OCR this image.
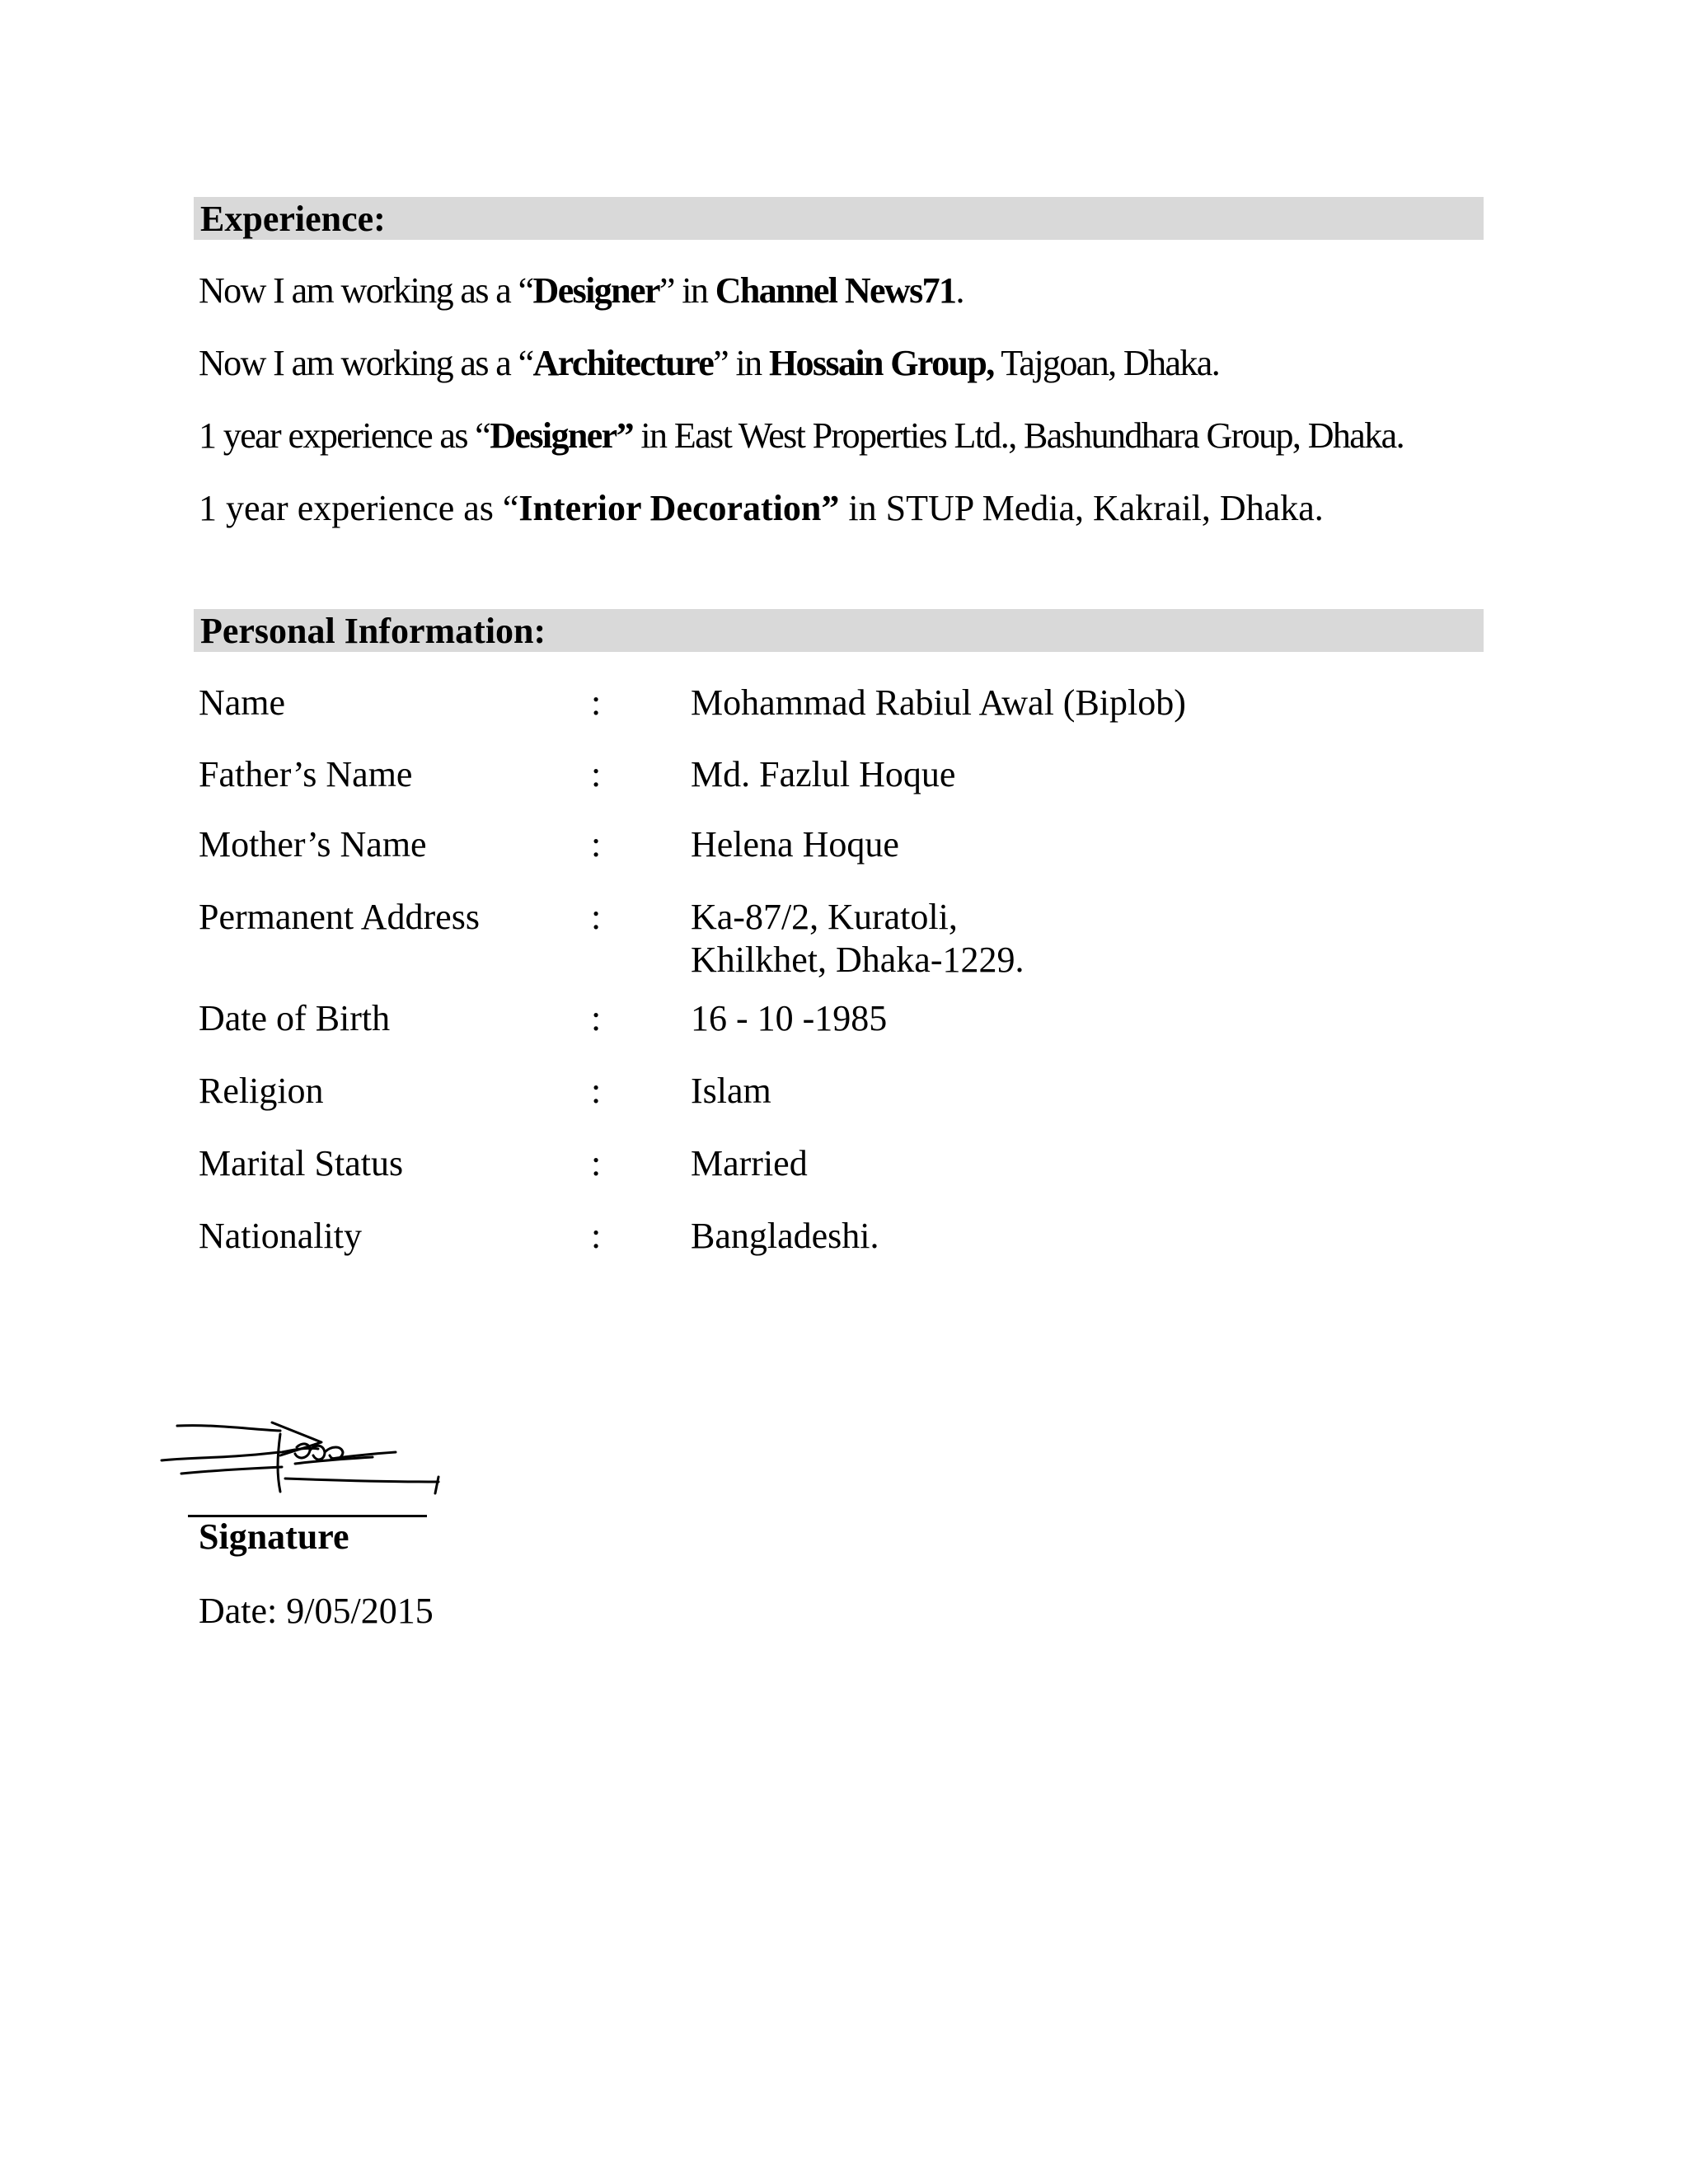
Experience:
Now I am working as a “Designer” in Channel News71.
Now I am working as a “Architecture” in Hossain Group, Tajgoan, Dhaka.
1 year experience as “Designer” in East West Properties Ltd., Bashundhara Group, Dhaka.
1 year experience as “Interior Decoration” in STUP Media, Kakrail, Dhaka.
Personal Information:
Name	: Mohammad Rabiul Awal (Biplob)
Father’s Name	: Md. Fazlul Hoque
Mother’s Name	: Helena Hoque
Permanent Address	: Ka-87/2, Kuratoli,
Khilkhet, Dhaka-1229.
Date of Birth	: 16 - 10 -1985
Religion	: Islam
Marital Status	: Married
Nationality	: Bangladeshi.
Signature
Date: 9/05/2015
